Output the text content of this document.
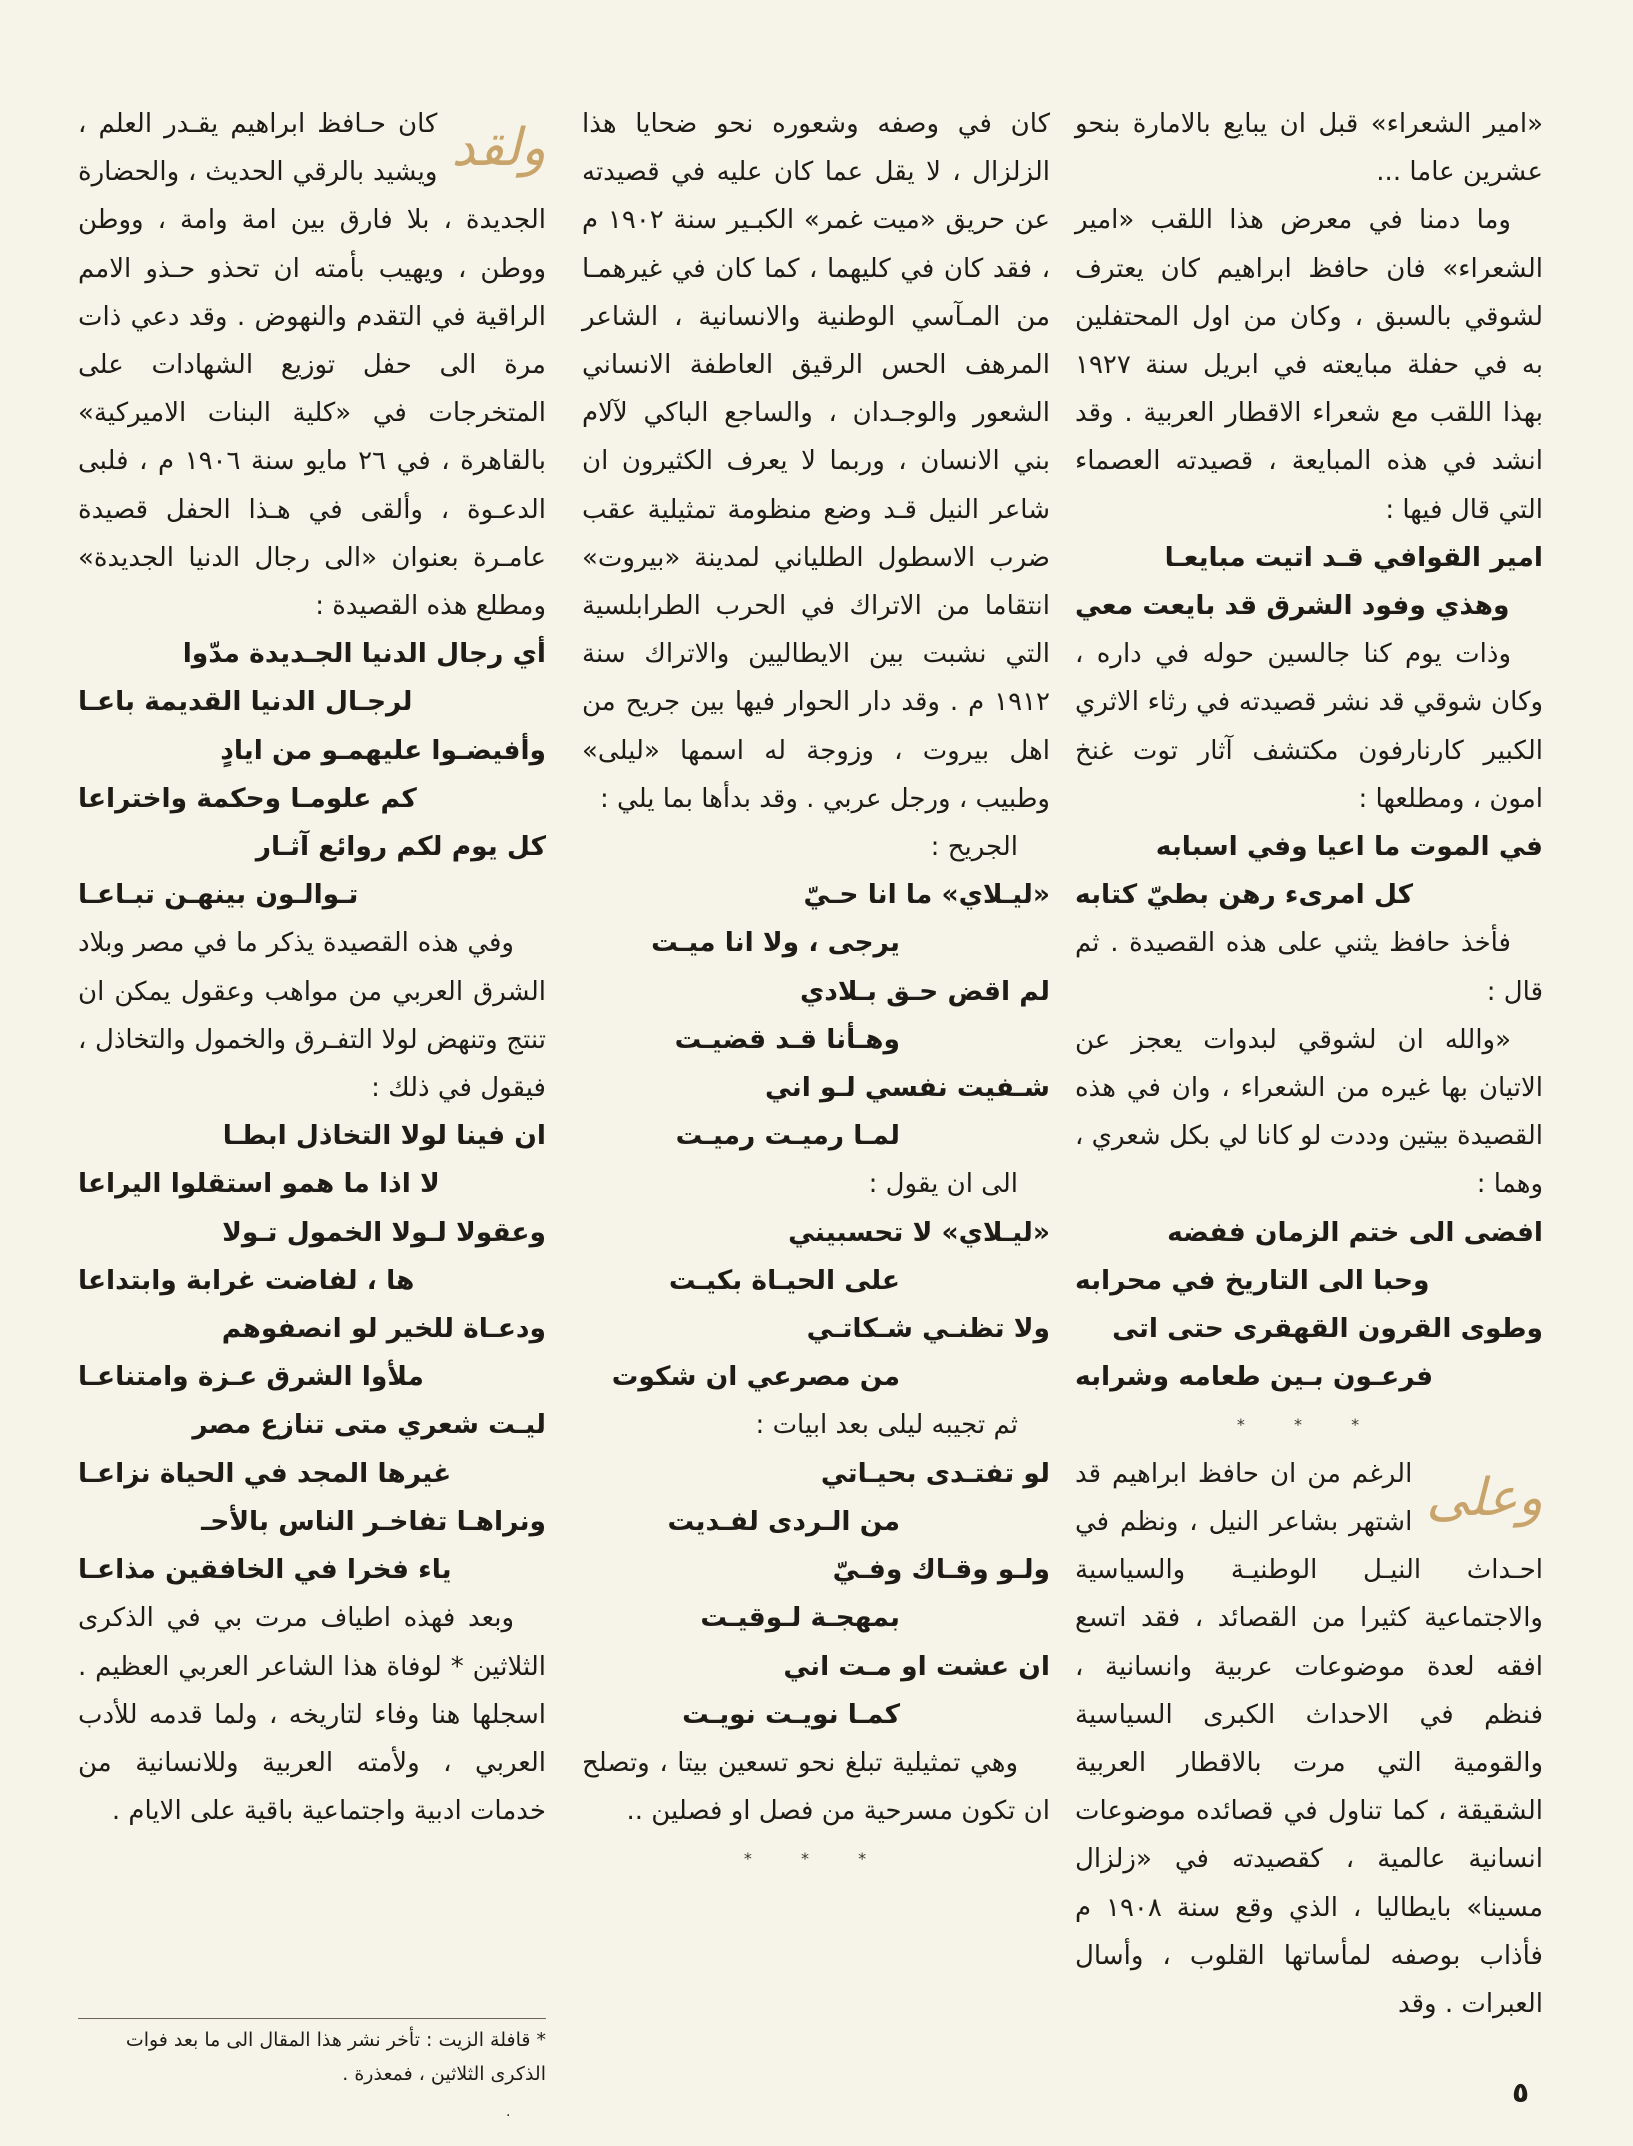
«امير الشعراء» قبل ان يبايع بالامارة بنحو عشرين عاما ...

وما دمنا في معرض هذا اللقب «امير الشعراء» فان حافظ ابراهيم كان يعترف لشوقي بالسبق ، وكان من اول المحتفلين به في حفلة مبايعته في ابريل سنة ١٩٢٧ بهذا اللقب مع شعراء الاقطار العربية . وقد انشد في هذه المبايعة ، قصيدته العصماء التي قال فيها :

امير القوافي قـد اتيت مبايعـا

وهذي وفود الشرق قد بايعت معي

وذات يوم كنا جالسين حوله في داره ، وكان شوقي قد نشر قصيدته في رثاء الاثري الكبير كارنارفون مكتشف آثار توت غنخ امون ، ومطلعها :

في الموت ما اعيا وفي اسبابه

كل امرىء رهن بطيّ كتابه

فأخذ حافظ يثني على هذه القصيدة . ثم قال :

«والله ان لشوقي لبدوات يعجز عن الاتيان بها غيره من الشعراء ، وان في هذه القصيدة بيتين وددت لو كانا لي بكل شعري ، وهما :

افضى الى ختم الزمان ففضه

وحبا الى التاريخ في محرابه

وطوى القرون القهقرى حتى اتى

فرعـون بـين طعامه وشرابه

* * *

وعلى
الرغم من ان حافظ ابراهيم قد اشتهر بشاعر النيل ، ونظم في احـداث النيـل الوطنيـة والسياسية والاجتماعية كثيرا من القصائد ، فقد اتسع افقه لعدة موضوعات عربية وانسانية ، فنظم في الاحداث الكبرى السياسية والقومية التي مرت بالاقطار العربية الشقيقة ، كما تناول في قصائده موضوعات انسانية عالمية ، كقصيدته في «زلزال مسينا» بايطاليا ، الذي وقع سنة ١٩٠٨ م فأذاب بوصفه لمأساتها القلوب ، وأسال العبرات . وقد

كان في وصفه وشعوره نحو ضحايا هذا الزلزال ، لا يقل عما كان عليه في قصيدته عن حريق «ميت غمر» الكبـير سنة ١٩٠٢ م ، فقد كان في كليهما ، كما كان في غيرهمـا من المـآسي الوطنية والانسانية ، الشاعر المرهف الحس الرقيق العاطفة الانساني الشعور والوجـدان ، والساجع الباكي لآلام بني الانسان ، وربما لا يعرف الكثيرون ان شاعر النيل قـد وضع منظومة تمثيلية عقب ضرب الاسطول الطلياني لمدينة «بيروت» انتقاما من الاتراك في الحرب الطرابلسية التي نشبت بين الايطاليين والاتراك سنة ١٩١٢ م . وقد دار الحوار فيها بين جريح من اهل بيروت ، وزوجة له اسمها «ليلى» وطبيب ، ورجل عربي . وقد بدأها بما يلي :

الجريح :

«ليـلاي» ما انا حـيّ

يرجى ، ولا انا ميـت

لم اقض حـق بـلادي

وهـأنا قـد قضيـت

شـفيت نفسي لـو اني

لمـا رميـت رميـت

الى ان يقول :

«ليـلاي» لا تحسبيني

على الحيـاة بكيـت

ولا تظنـي شـكاتـي

من مصرعي ان شكوت

ثم تجيبه ليلى بعد ابيات :

لو تفتـدى بحيـاتي

من الـردى لفـديت

ولـو وقـاك وفـيّ

بمهجـة لـوقيـت

ان عشت او مـت اني

كمـا نويـت نويـت

وهي تمثيلية تبلغ نحو تسعين بيتا ، وتصلح ان تكون مسرحية من فصل او فصلين ..

* * *

ولقد
كان حـافظ ابراهيم يقـدر العلم ، ويشيد بالرقي الحديث ، والحضارة الجديدة ، بلا فارق بين امة وامة ، ووطن ووطن ، ويهيب بأمته ان تحذو حـذو الامم الراقية في التقدم والنهوض . وقد دعي ذات مرة الى حفل توزيع الشهادات على المتخرجات في «كلية البنات الاميركية» بالقاهرة ، في ٢٦ مايو سنة ١٩٠٦ م ، فلبى الدعـوة ، وألقى في هـذا الحفل قصيدة عامـرة بعنوان «الى رجال الدنيا الجديدة» ومطلع هذه القصيدة :

أي رجال الدنيا الجـديدة مدّوا

لرجـال الدنيا القديمة باعـا

وأفيضـوا عليهمـو من ايادٍ

كم علومـا وحكمة واختراعا

كل يوم لكم روائع آثـار

تـوالـون بينهـن تبـاعـا

وفي هذه القصيدة يذكر ما في مصر وبلاد الشرق العربي من مواهب وعقول يمكن ان تنتج وتنهض لولا التفـرق والخمول والتخاذل ، فيقول في ذلك :

ان فينا لولا التخاذل ابطـا

لا اذا ما همو استقلوا اليراعا

وعقولا لـولا الخمول تـولا

ها ، لفاضت غرابة وابتداعا

ودعـاة للخير لو انصفوهم

ملأوا الشرق عـزة وامتناعـا

ليـت شعري متى تنازع مصر

غيرها المجد في الحياة نزاعـا

ونراهـا تفاخـر الناس بالأحـ

ياء فخرا في الخافقين مذاعـا

وبعد فهذه اطياف مرت بي في الذكرى الثلاثين * لوفاة هذا الشاعر العربي العظيم . اسجلها هنا وفاء لتاريخه ، ولما قدمه للأدب العربي ، ولأمته العربية وللانسانية من خدمات ادبية واجتماعية باقية على الايام .

* قافلة الزيت : تأخر نشر هذا المقال الى ما بعد فوات الذكرى الثلاثين ، فمعذرة .
٥
·
